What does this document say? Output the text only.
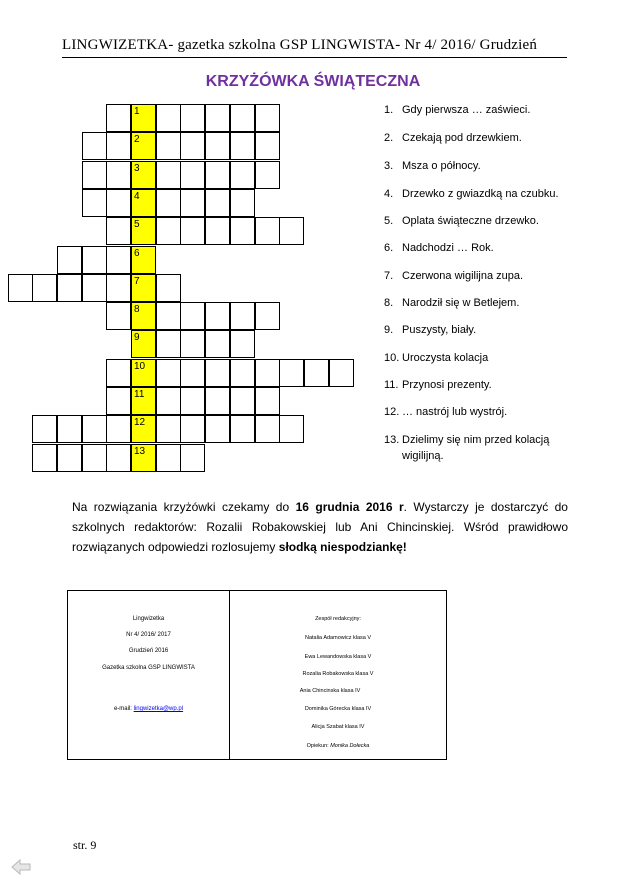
LINGWIZETKA- gazetka szkolna GSP LINGWISTA- Nr 4/ 2016/ Grudzień
KRZYŻÓWKA ŚWIĄTECZNA
1
2
3
4
5
6
7
8
9
10
11
12
13
1. Gdy pierwsza … zaświeci.
2. Czekają pod drzewkiem.
3. Msza o północy.
4. Drzewko z gwiazdką na czubku.
5. Oplata świąteczne drzewko.
6. Nadchodzi … Rok.
7. Czerwona wigilijna zupa.
8. Narodził się w Betlejem.
9. Puszysty, biały.
10. Uroczysta kolacja
11. Przynosi prezenty.
12. … nastrój lub wystrój.
13. Dzielimy się nim przed kolacją wigilijną.
Na rozwiązania krzyżówki czekamy do 16 grudnia 2016 r. Wystarczy je dostarczyć do szkolnych redaktorów: Rozalii Robakowskiej lub Ani Chincinskiej. Wśród prawidłowo rozwiązanych odpowiedzi rozlosujemy słodką niespodziankę!
Lingwizetka
Nr 4/ 2016/ 2017
Grudzień 2016
Gazetka szkolna GSP LINGWISTA
e-mail: lingwizetka@wp.pl
Zespół redakcyjny:
Opiekun: Monika Dołecka
Natalia Adamowicz klasa V
Ewa Lewandowska klasa V
Rozalia Robakowska klasa V
Ania Chincinska klasa IV
Dominika Górecka klasa IV
Alicja Szabat klasa IV
str. 9
